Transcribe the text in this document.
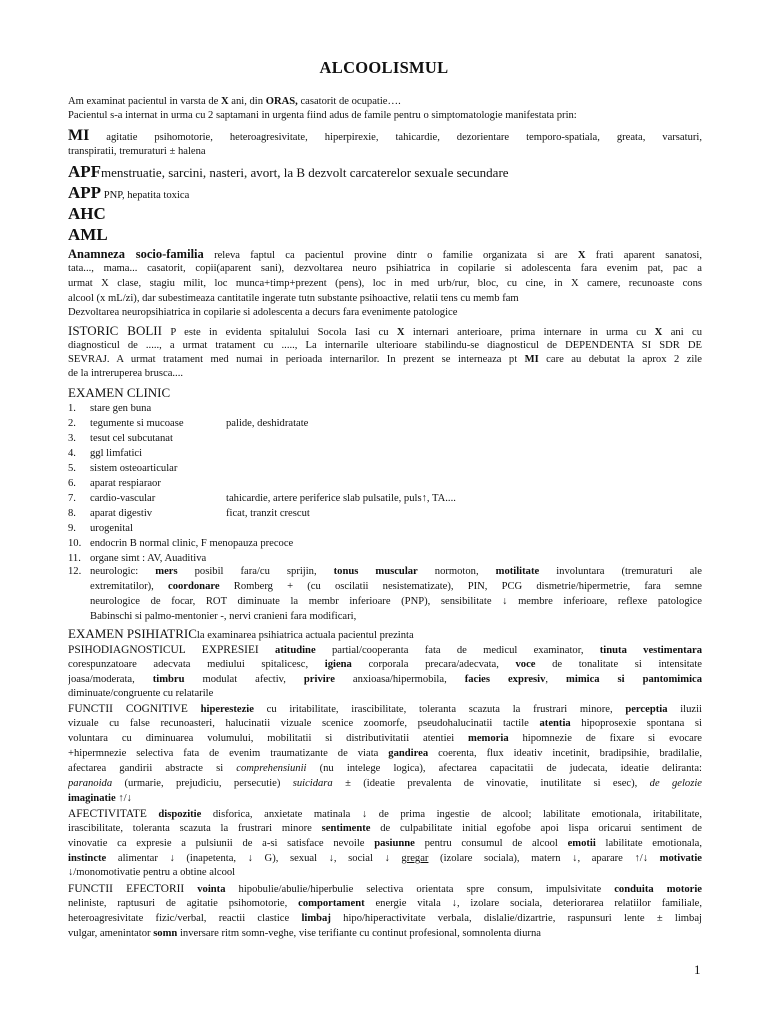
ALCOOLISMUL
Am examinat pacientul in varsta de X ani, din ORAS, casatorit de ocupatie….
Pacientul s-a internat in urma cu 2 saptamani in urgenta fiind adus de famile pentru o simptomatologie manifestata prin:
MI agitatie psihomotorie, heteroagresivitate, hiperpirexie, tahicardie, dezorientare temporo-spatiala, greata, varsaturi,
transpiratii, tremuraturi ± halena
APFmenstruatie, sarcini, nasteri, avort, la B dezvolt carcaterelor sexuale secundare
APP PNP, hepatita toxica
AHC
AML
Anamneza socio-familia releva faptul ca pacientul provine dintr o familie organizata si are X frati aparent sanatosi,
tata..., mama... casatorit, copii(aparent sani), dezvoltarea neuro psihiatrica in copilarie si adolescenta fara evenim pat, pac a
urmat X clase, stagiu milit, loc munca+timp+prezent (pens), loc in med urb/rur, bloc, cu cine, in X camere, recunoaste cons
alcool (x mL/zi), dar subestimeaza cantitatile ingerate tutn substante psihoactive, relatii tens cu memb fam
Dezvoltarea neuropsihiatrica in copilarie si adolescenta a decurs fara evenimente patologice
ISTORIC BOLII P este in evidenta spitalului Socola Iasi cu X internari anterioare, prima internare in urma cu X ani cu
diagnosticul de ....., a urmat tratament cu ....., La internarile ulterioare stabilindu-se diagnosticul de DEPENDENTA SI SDR DE
SEVRAJ. A urmat tratament med numai in perioada internarilor. In prezent se interneaza pt MI care au debutat la aprox 2 zile
de la intreruperea brusca....
EXAMEN CLINIC
1. stare gen buna
2. tegumente si mucoase	palide, deshidratate
3. tesut cel subcutanat
4. ggl limfatici
5. sistem osteoarticular
6. aparat respiaraor
7. cardio-vascular	tahicardie, artere periferice slab pulsatile, puls↑, TA....
8. aparat digestiv	ficat, tranzit crescut
9. urogenital
10. endocrin B normal clinic, F menopauza precoce
11. organe simt : AV, Auaditiva
12. neurologic: mers posibil fara/cu sprijin, tonus muscular normoton, motilitate involuntara (tremuraturi ale
extremitatilor), coordonare Romberg + (cu oscilatii nesistematizate), PIN, PCG dismetrie/hipermetrie, fara semne
neurologice de focar, ROT diminuate la membr inferioare (PNP), sensibilitate ↓ membre inferioare, reflexe patologice
Babinschi si palmo-mentonier -, nervi cranieni fara modificari,
EXAMEN PSIHIATRICla examinarea psihiatrica actuala pacientul prezinta
PSIHODIAGNOSTICUL EXPRESIEI atitudine partial/cooperanta fata de medicul examinator, tinuta vestimentara
corespunzatoare adecvata mediului spitalicesc, igiena corporala precara/adecvata, voce de tonalitate si intensitate
joasa/moderata, timbru modulat afectiv, privire anxioasa/hipermobila, facies expresiv, mimica si pantomimica
diminuate/congruente cu relatarile
FUNCTII COGNITIVE hiperestezie cu iritabilitate, irascibilitate, toleranta scazuta la frustrari minore, perceptia iluzii
vizuale cu false recunoasteri, halucinatii vizuale scenice zoomorfe, pseudohalucinatii tactile atentia hipoprosexie spontana si
voluntara cu diminuarea volumului, mobilitatii si distributivitatii atentiei memoria hipomnezie de fixare si evocare
+hipermnezie selectiva fata de evenim traumatizante de viata gandirea coerenta, flux ideativ incetinit, bradipsihie, bradilalie,
afectarea gandirii abstracte si comprehensiunii (nu intelege logica), afectarea capacitatii de judecata, ideatie deliranta:
paranoida (urmarie, prejudiciu, persecutie) suicidara ± (ideatie prevalenta de vinovatie, inutilitate si esec), de gelozie
imaginatie ↑/↓
AFECTIVITATE dispozitie disforica, anxietate matinala ↓ de prima ingestie de alcool; labilitate emotionala, iritabilitate,
irascibilitate, toleranta scazuta la frustrari minore sentimente de culpabilitate initial egofobe apoi lispa oricarui sentiment de
vinovatie ca expresie a pulsiunii de a-si satisface nevoile pasiunne pentru consumul de alcool emotii labilitate emotionala,
instincte alimentar ↓ (inapetenta, ↓ G), sexual ↓, social ↓ gregar (izolare sociala), matern ↓, aparare ↑/↓ motivatie
↓/monomotivatie pentru a obtine alcool
FUNCTII EFECTORII vointa hipobulie/abulie/hiperbulie selectiva orientata spre consum, impulsivitate conduita motorie
neliniste, raptusuri de agitatie psihomotorie, comportament energie vitala ↓, izolare sociala, deteriorarea relatiilor familiale,
heteroagresivitate fizic/verbal, reactii clastice limbaj hipo/hiperactivitate verbala, dislalie/dizartrie, raspunsuri lente ± limbaj
vulgar, amenintator somn inversare ritm somn-veghe, vise terifiante cu continut profesional, somnolenta diurna
1
